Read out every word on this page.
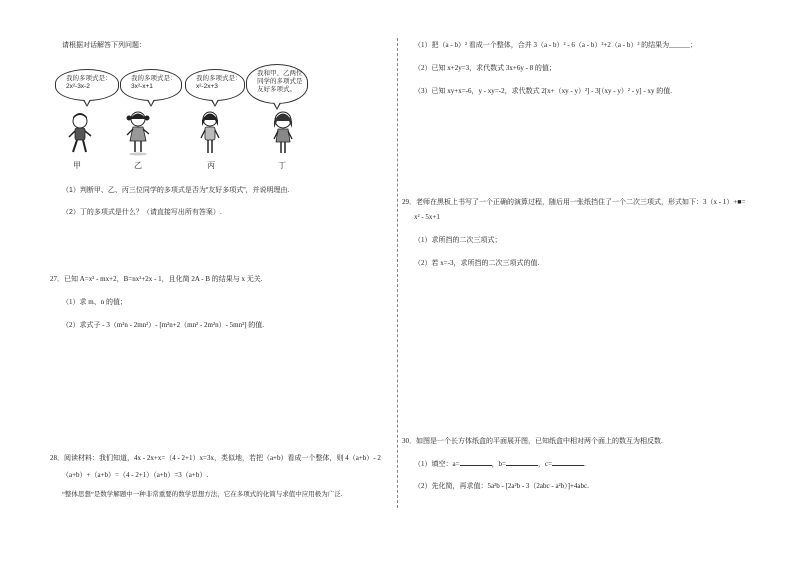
请根据对话解答下列问题：
我的多项式是：
2x²-3x-2
我的多项式是：
3x²-x+1
我的多项式是：
x²-2x+3
我和甲、乙两位
同学的多项式是
友好多项式。
甲	乙	丙	丁
（1）判断甲、乙、丙三位同学的多项式是否为“友好多项式”，并说明理由.
（2）丁的多项式是什么？（请直接写出所有答案）.
27．已知 A=x² - mx+2，B=nx²+2x - 1，且化简 2A - B 的结果与 x 无关.
（1）求 m、n 的值；
（2）求式子 - 3（m²n - 2mn²）- [m²n+2（mn² - 2m²n）- 5mn²] 的值.
28．阅读材料：我们知道，4x - 2x+x=（4 - 2+1）x=3x，类似地，若把（a+b）看成一个整体，则 4（a+b）- 2
（a+b）+（a+b）=（4 - 2+1）（a+b）=3（a+b）.
“整体思想”是数学解题中一种非常重要的数学思想方法，它在多项式的化简与求值中应用极为广泛.
（1）把（a - b）² 看成一个整体，合并 3（a - b）² - 6（a - b）²+2（a - b）² 的结果为______；
（2）已知 x+2y=3，求代数式 3x+6y - 8 的值；
（3）已知 xy+x=-6，y - xy=-2，求代数式 2[x+（xy - y）²] - 3[（xy - y）² - y] - xy 的值.
29．老师在黑板上书写了一个正确的演算过程，随后用一张纸挡住了一个二次三项式，形式如下：3（x - 1）+■=
x² - 5x+1
（1）求所挡的二次三项式；
（2）若 x=-3，求所挡的二次三项式的值.
30．如图是一个长方体纸盒的平面展开图，已知纸盒中相对两个面上的数互为相反数.
（1）填空：a=	，b=	，c=	.
（2）先化简，再求值：5a²b - [2a²b - 3（2abc - a²b）]+4abc.
